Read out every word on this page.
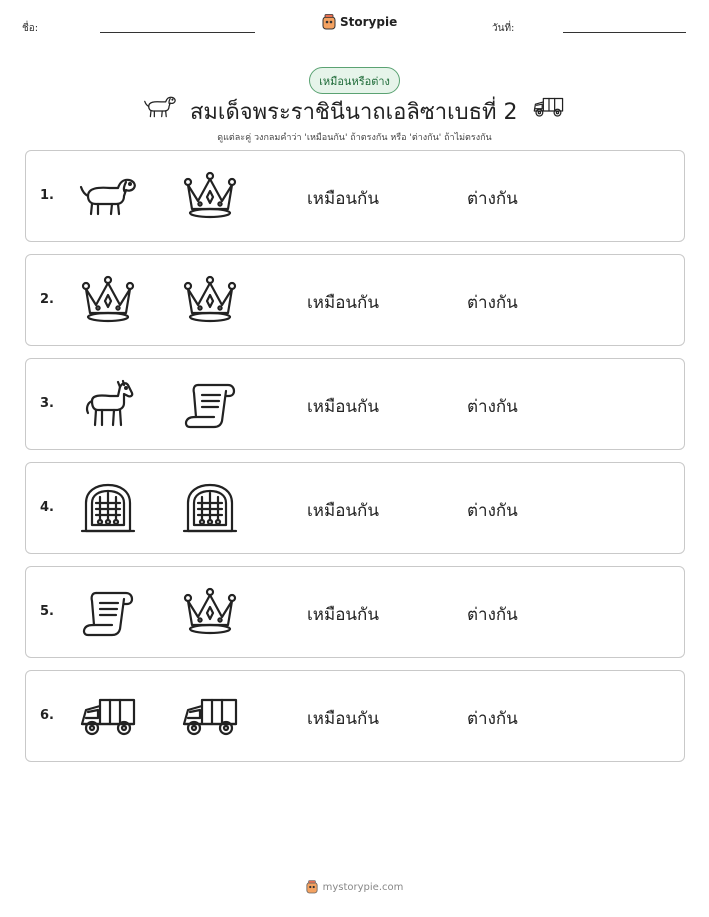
ชื่อ:	Storypie	วันที่:
เหมือนหรือต่าง
สมเด็จพระราชินีนาถเอลิซาเบธที่ 2
ดูแต่ละคู่ วงกลมคำว่า 'เหมือนกัน' ถ้าตรงกัน หรือ 'ต่างกัน' ถ้าไม่ตรงกัน
1.	เหมือนกัน	ต่างกัน
2.	เหมือนกัน	ต่างกัน
3.	เหมือนกัน	ต่างกัน
4.	เหมือนกัน	ต่างกัน
5.	เหมือนกัน	ต่างกัน
6.	เหมือนกัน	ต่างกัน
mystorypie.com
